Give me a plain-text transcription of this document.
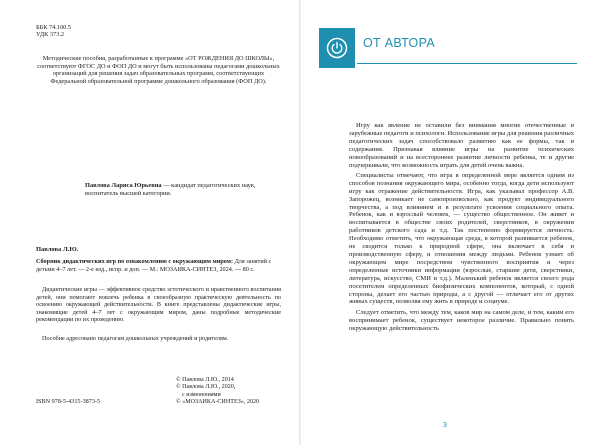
ББК 74.100.5
УДК 373.2
Методические пособия, разработанные к программе «ОТ РОЖДЕНИЯ ДО ШКОЛЫ», соответствуют ФГОС ДО и ФОП ДО и могут быть использованы педагогами дошкольных организаций для решения задач образовательных программ, соответствующих Федеральной образовательной программе дошкольного образования (ФОП ДО).
Павлова Лариса Юрьевна — кандидат педагогических наук, воспитатель высшей категории.
Павлова Л.Ю.
Сборник дидактических игр по ознакомлению с окружающим миром: Для занятий с детьми 4–7 лет. — 2-е изд., испр. и доп. — М.: МОЗАИКА-СИНТЕЗ, 2024. — 80 с.
Дидактические игры — эффективное средство эстетического и нравственного воспитания детей, они помогают вовлечь ребенка в своеобразную практическую деятельность по освоению окружающей действительности. В книге представлены дидактические игры, знакомящие детей 4–7 лет с окружающим миром, даны подробные методические рекомендации по их проведению.
Пособие адресовано педагогам дошкольных учреждений и родителям.
ISBN 978-5-4315-3873-5
© Павлова Л.Ю., 2014
© Павлова Л.Ю., 2020,
с изменениями
© «МОЗАИКА-СИНТЕЗ», 2020
ОТ АВТОРА

Игру как явление не оставили без внимания многие отечественные и зарубежные педагоги и психологи. Использование игры для решения различных педагогических задач способствовало развитию как ее формы, так и содержания. Признавая влияние игры на развитие психических новообразований и на всестороннее развитие личности ребенка, те и другие подчеркивали, что возможность играть для детей очень важна.

Специалисты отмечают, что игра в определенной мере является одним из способов познания окружающего мира, особенно тогда, когда дети используют игру как отражение действительности. Игра, как указывал профессор А.В. Запорожец, возникает не самопроизвольно, как продукт индивидуального творчества, а под влиянием и в результате усвоения социального опыта. Ребенок, как и взрослый человек, — существо общественное. Он живет и воспитывается в обществе своих родителей, сверстников, в окружении работников детского сада и т.д. Так постепенно формируется личность. Необходимо отметить, что окружающая среда, в которой развивается ребенок, не сводится только к природной сфере, она включает в себя и производственную сферу, и отношения между людьми. Ребенок узнает об окружающем мире посредством чувственного восприятия и через определенные источники информации (взрослые, старшие дети, сверстники, литература, искусство, СМИ и т.д.). Маленький ребенок является своего рода посетителем определенных биофизических компонентов, который, с одной стороны, делает его частью природы, а с другой — отличает его от других живых существ, позволяя ему жить в природе и социуме.

Следует отметить, что между тем, каков мир на самом деле, и тем, каким его воспринимает ребенок, существует некоторое различие. Правильно понять окружающую действительность

3
